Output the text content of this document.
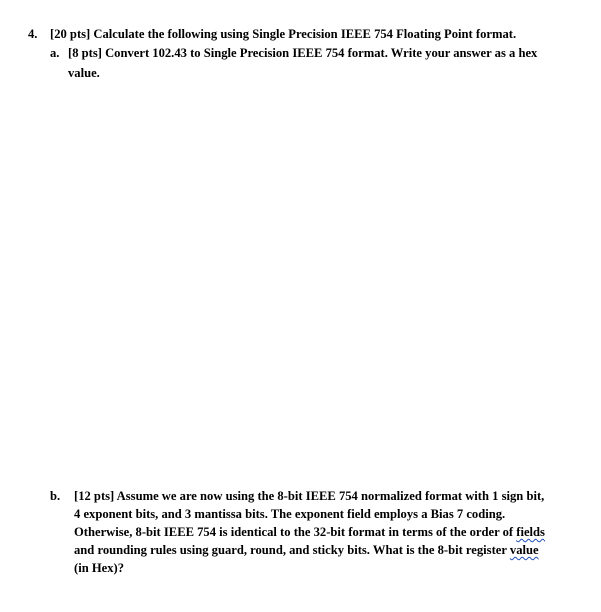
4. [20 pts] Calculate the following using Single Precision IEEE 754 Floating Point format.
a. [8 pts] Convert 102.43 to Single Precision IEEE 754 format. Write your answer as a hex
value.
b. [12 pts] Assume we are now using the 8-bit IEEE 754 normalized format with 1 sign bit,
4 exponent bits, and 3 mantissa bits. The exponent field employs a Bias 7 coding.
Otherwise, 8-bit IEEE 754 is identical to the 32-bit format in terms of the order of fields
and rounding rules using guard, round, and sticky bits. What is the 8-bit register value
(in Hex)?
